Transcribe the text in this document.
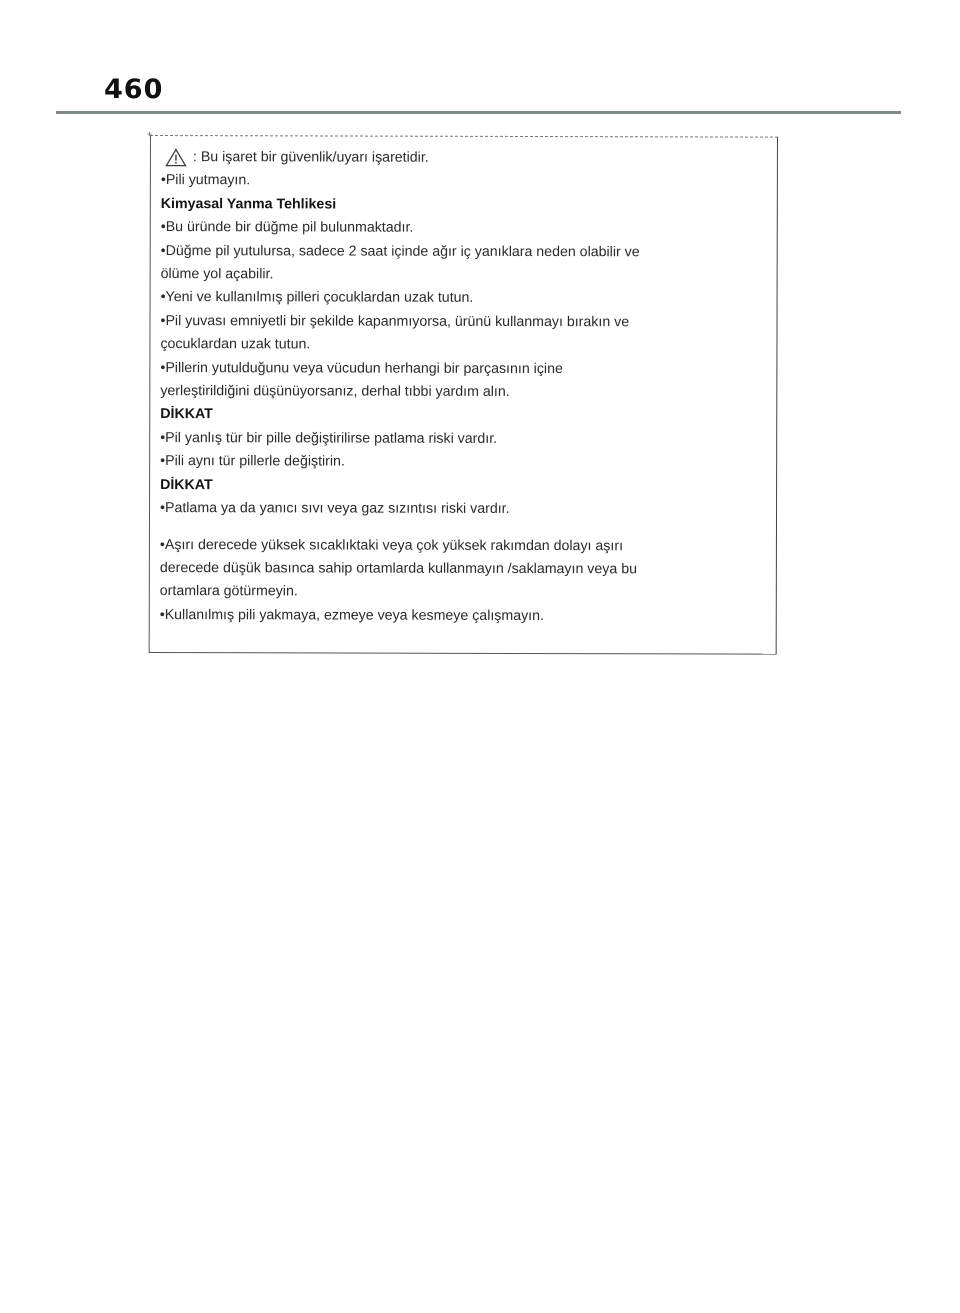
460
+
: Bu işaret bir güvenlik/uyarı işaretidir.
•Pili yutmayın.
Kimyasal Yanma Tehlikesi
•Bu üründe bir düğme pil bulunmaktadır.
•Düğme pil yutulursa, sadece 2 saat içinde ağır iç yanıklara neden olabilir ve
ölüme yol açabilir.
•Yeni ve kullanılmış pilleri çocuklardan uzak tutun.
•Pil yuvası emniyetli bir şekilde kapanmıyorsa, ürünü kullanmayı bırakın ve
çocuklardan uzak tutun.
•Pillerin yutulduğunu veya vücudun herhangi bir parçasının içine
yerleştirildiğini düşünüyorsanız, derhal tıbbi yardım alın.
DİKKAT
•Pil yanlış tür bir pille değiştirilirse patlama riski vardır.
•Pili aynı tür pillerle değiştirin.
DİKKAT
•Patlama ya da yanıcı sıvı veya gaz sızıntısı riski vardır.
•Aşırı derecede yüksek sıcaklıktaki veya çok yüksek rakımdan dolayı aşırı
derecede düşük basınca sahip ortamlarda kullanmayın /saklamayın veya bu
ortamlara götürmeyin.
•Kullanılmış pili yakmaya, ezmeye veya kesmeye çalışmayın.
